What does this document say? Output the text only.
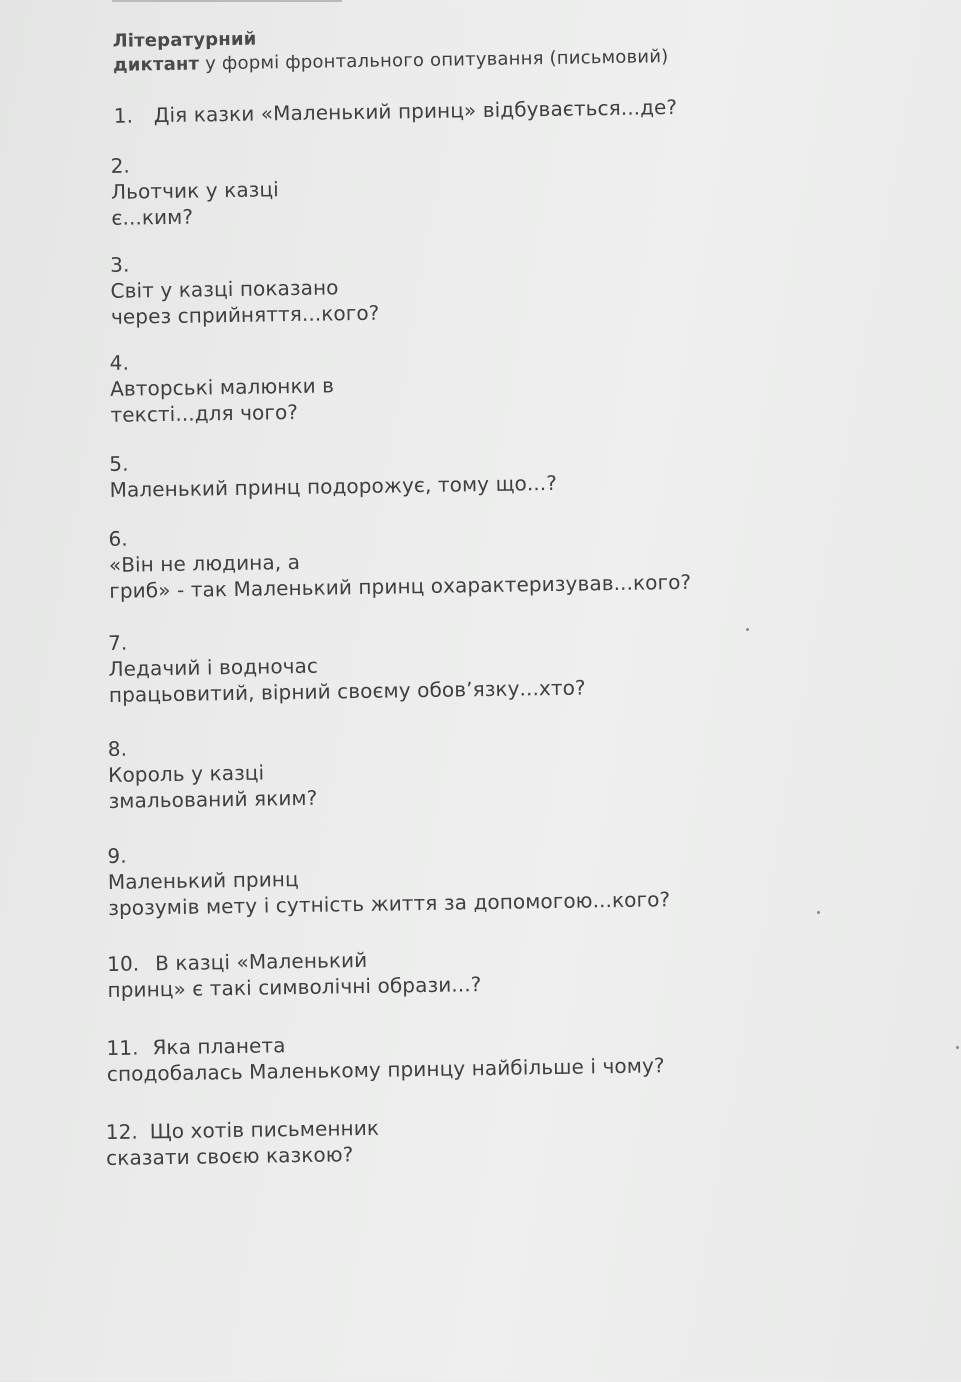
Літературний
диктант у формі фронтального опитування (письмовий)
1. Дія казки «Маленький принц» відбувається...де?
2.
Льотчик у казці
є...ким?
3.
Світ у казці показано
через сприйняття...кого?
4.
Авторські малюнки в
тексті...для чого?
5.
Маленький принц подорожує, тому що...?
6.
«Він не людина, а
гриб» - так Маленький принц охарактеризував...кого?
7.
Ледачий і водночас
працьовитий, вірний своєму обов’язку...хто?
8.
Король у казці
змальований яким?
9.
Маленький принц
зрозумів мету і сутність життя за допомогою...кого?
10. В казці «Маленький
принц» є такі символічні образи...?
11. Яка планета
сподобалась Маленькому принцу найбільше і чому?
12. Що хотів письменник
сказати своєю казкою?
